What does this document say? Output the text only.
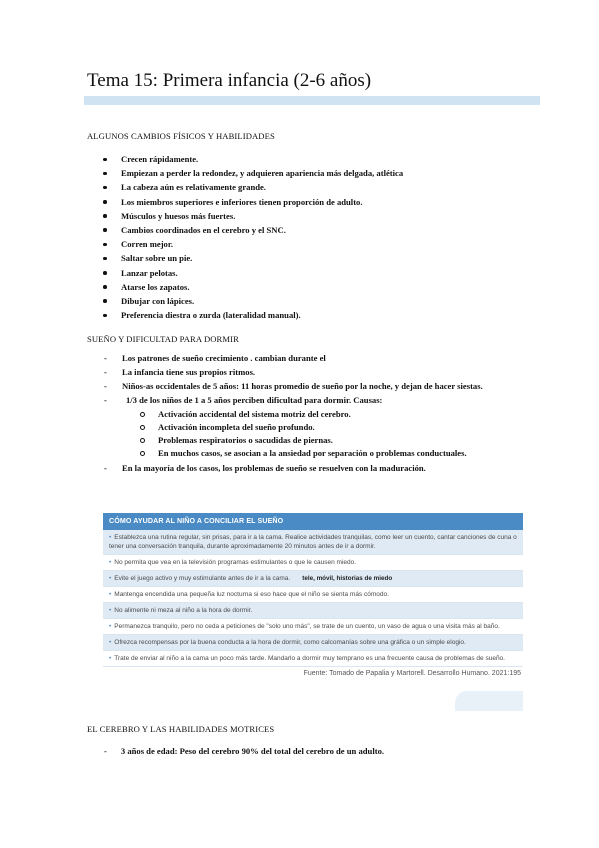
Tema 15: Primera infancia (2-6 años)
ALGUNOS CAMBIOS FÍSICOS Y HABILIDADES
Crecen rápidamente.
Empiezan a perder la redondez, y adquieren apariencia más delgada, atlética
La cabeza aún es relativamente grande.
Los miembros superiores e inferiores tienen proporción de adulto.
Músculos y huesos más fuertes.
Cambios coordinados en el cerebro y el SNC.
Corren mejor.
Saltar sobre un pie.
Lanzar pelotas.
Atarse los zapatos.
Dibujar con lápices.
Preferencia diestra o zurda (lateralidad manual).
SUEÑO Y DIFICULTAD PARA DORMIR
- Los patrones de sueño crecimiento . cambian durante el
- La infancia tiene sus propios ritmos.
- Niños-as occidentales de 5 años: 11 horas promedio de sueño por la noche, y dejan de hacer siestas.
- 1/3 de los niños de 1 a 5 años perciben dificultad para dormir. Causas:
Activación accidental del sistema motriz del cerebro.
Activación incompleta del sueño profundo.
Problemas respiratorios o sacudidas de piernas.
En muchos casos, se asocian a la ansiedad por separación o problemas conductuales.
- En la mayoría de los casos, los problemas de sueño se resuelven con la maduración.
CÓMO AYUDAR AL NIÑO A CONCILIAR EL SUEÑO
• Establezca una rutina regular, sin prisas, para ir a la cama. Realice actividades tranquilas, como leer un cuento, cantar canciones de cuna o tener una conversación tranquila, durante aproximadamente 20 minutos antes de ir a dormir.
• No permita que vea en la televisión programas estimulantes o que le causen miedo.
• Evite el juego activo y muy estimulante antes de ir a la cama. tele, móvil, historias de miedo
• Mantenga encendida una pequeña luz nocturna si eso hace que el niño se sienta más cómodo.
• No alimente ni meza al niño a la hora de dormir.
• Permanezca tranquilo, pero no ceda a peticiones de "solo uno más", se trate de un cuento, un vaso de agua o una visita más al baño.
• Ofrezca recompensas por la buena conducta a la hora de dormir, como calcomanías sobre una gráfica o un simple elogio.
• Trate de enviar al niño a la cama un poco más tarde. Mandarlo a dormir muy temprano es una frecuente causa de problemas de sueño.
Fuente: Tomado de Papalia y Martorell. Desarrollo Humano. 2021:195
EL CEREBRO Y LAS HABILIDADES MOTRICES
- 3 años de edad: Peso del cerebro 90% del total del cerebro de un adulto.
